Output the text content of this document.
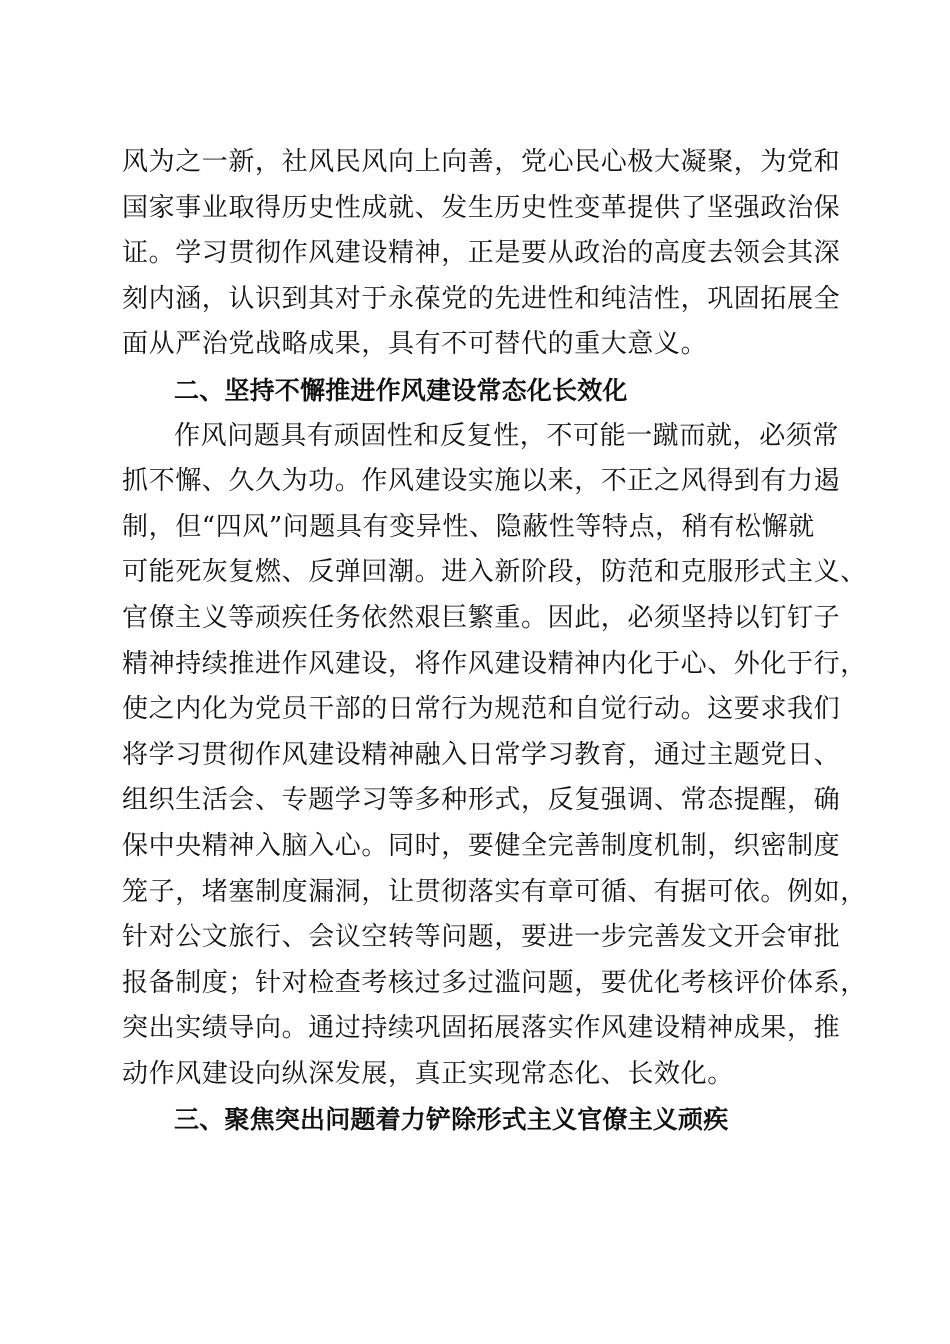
风为之一新，社风民风向上向善，党心民心极大凝聚，为党和
国家事业取得历史性成就、发生历史性变革提供了坚强政治保
证。学习贯彻作风建设精神，正是要从政治的高度去领会其深
刻内涵，认识到其对于永葆党的先进性和纯洁性，巩固拓展全
面从严治党战略成果，具有不可替代的重大意义。
二、坚持不懈推进作风建设常态化长效化
作风问题具有顽固性和反复性，不可能一蹴而就，必须常
抓不懈、久久为功。作风建设实施以来，不正之风得到有力遏
制，但“四风”问题具有变异性、隐蔽性等特点，稍有松懈就
可能死灰复燃、反弹回潮。进入新阶段，防范和克服形式主义、
官僚主义等顽疾任务依然艰巨繁重。因此，必须坚持以钉钉子
精神持续推进作风建设，将作风建设精神内化于心、外化于行，
使之内化为党员干部的日常行为规范和自觉行动。这要求我们
将学习贯彻作风建设精神融入日常学习教育，通过主题党日、
组织生活会、专题学习等多种形式，反复强调、常态提醒，确
保中央精神入脑入心。同时，要健全完善制度机制，织密制度
笼子，堵塞制度漏洞，让贯彻落实有章可循、有据可依。例如，
针对公文旅行、会议空转等问题，要进一步完善发文开会审批
报备制度；针对检查考核过多过滥问题，要优化考核评价体系，
突出实绩导向。通过持续巩固拓展落实作风建设精神成果，推
动作风建设向纵深发展，真正实现常态化、长效化。
三、聚焦突出问题着力铲除形式主义官僚主义顽疾
